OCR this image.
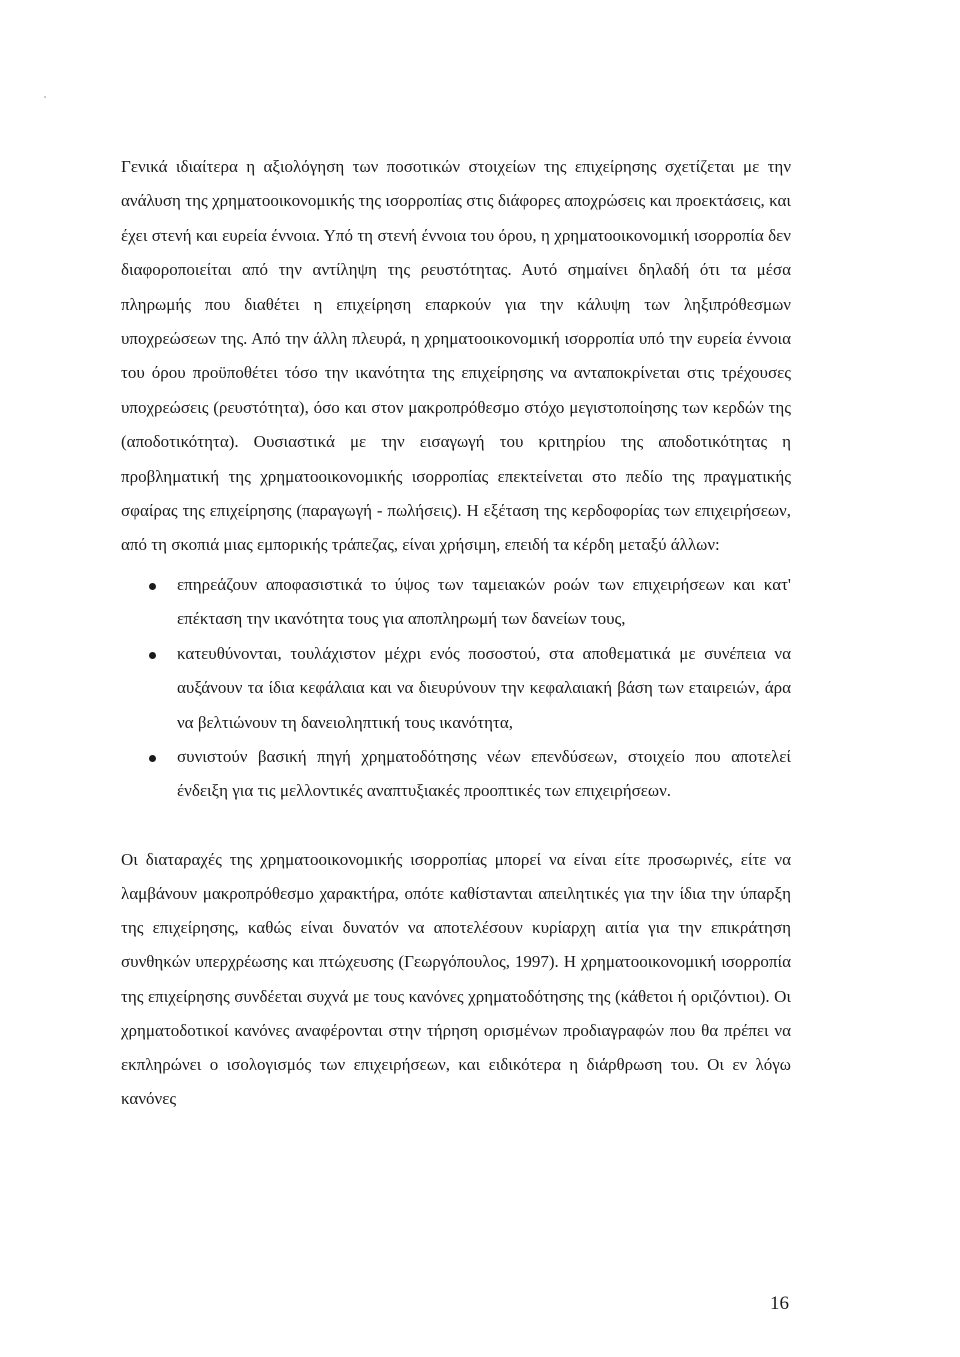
Γενικά ιδιαίτερα η αξιολόγηση των ποσοτικών στοιχείων της επιχείρησης σχετίζεται με την ανάλυση της χρηματοοικονομικής της ισορροπίας στις διάφορες αποχρώσεις και προεκτάσεις, και έχει στενή και ευρεία έννοια. Υπό τη στενή έννοια του όρου, η χρηματοοικονομική ισορροπία δεν διαφοροποιείται από την αντίληψη της ρευστότητας. Αυτό σημαίνει δηλαδή ότι τα μέσα πληρωμής που διαθέτει η επιχείρηση επαρκούν για την κάλυψη των ληξιπρόθεσμων υποχρεώσεων της. Από την άλλη πλευρά, η χρηματοοικονομική ισορροπία υπό την ευρεία έννοια του όρου προϋποθέτει τόσο την ικανότητα της επιχείρησης να ανταποκρίνεται στις τρέχουσες υποχρεώσεις (ρευστότητα), όσο και στον μακροπρόθεσμο στόχο μεγιστοποίησης των κερδών της (αποδοτικότητα). Ουσιαστικά με την εισαγωγή του κριτηρίου της αποδοτικότητας η προβληματική της χρηματοοικονομικής ισορροπίας επεκτείνεται στο πεδίο της πραγματικής σφαίρας της επιχείρησης (παραγωγή - πωλήσεις). Η εξέταση της κερδοφορίας των επιχειρήσεων, από τη σκοπιά μιας εμπορικής τράπεζας, είναι χρήσιμη, επειδή τα κέρδη μεταξύ άλλων:

επηρεάζουν αποφασιστικά το ύψος των ταμειακών ροών των επιχειρήσεων και κατ' επέκταση την ικανότητα τους για αποπληρωμή των δανείων τους,
κατευθύνονται, τουλάχιστον μέχρι ενός ποσοστού, στα αποθεματικά με συνέπεια να αυξάνουν τα ίδια κεφάλαια και να διευρύνουν την κεφαλαιακή βάση των εταιρειών, άρα να βελτιώνουν τη δανειοληπτική τους ικανότητα,
συνιστούν βασική πηγή χρηματοδότησης νέων επενδύσεων, στοιχείο που αποτελεί ένδειξη για τις μελλοντικές αναπτυξιακές προοπτικές των επιχειρήσεων.

Οι διαταραχές της χρηματοοικονομικής ισορροπίας μπορεί να είναι είτε προσωρινές, είτε να λαμβάνουν μακροπρόθεσμο χαρακτήρα, οπότε καθίστανται απειλητικές για την ίδια την ύπαρξη της επιχείρησης, καθώς είναι δυνατόν να αποτελέσουν κυρίαρχη αιτία για την επικράτηση συνθηκών υπερχρέωσης και πτώχευσης (Γεωργόπουλος, 1997). Η χρηματοοικονομική ισορροπία της επιχείρησης συνδέεται συχνά με τους κανόνες χρηματοδότησης της (κάθετοι ή οριζόντιοι). Οι χρηματοδοτικοί κανόνες αναφέρονται στην τήρηση ορισμένων προδιαγραφών που θα πρέπει να εκπληρώνει ο ισολογισμός των επιχειρήσεων, και ειδικότερα η διάρθρωση του. Οι εν λόγω κανόνες

16
